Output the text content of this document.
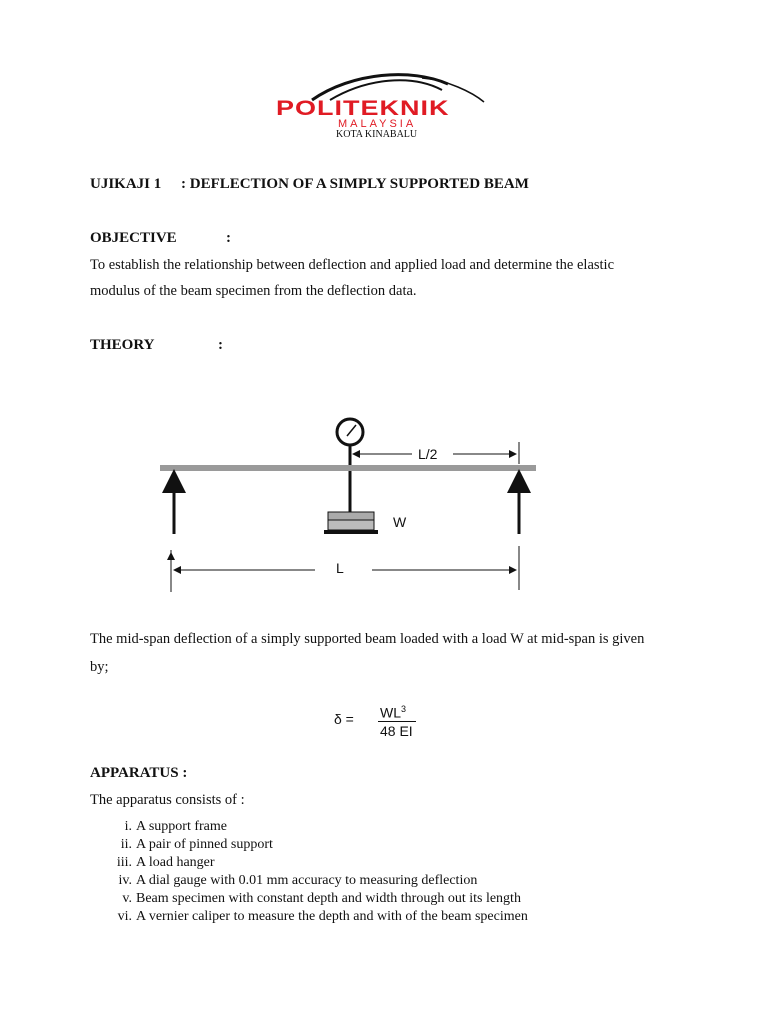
POLITEKNIK
MALAYSIA
KOTA KINABALU
UJIKAJI 1 : DEFLECTION OF A SIMPLY SUPPORTED BEAM
OBJECTIVE	:
To establish the relationship between deflection and applied load and determine the elastic
modulus of the beam specimen from the deflection data.
THEORY	:
L/2
W
L
The mid-span deflection of a simply supported beam loaded with a load W at mid-span is given
by;
$\delta = WL^3$
48 EI
APPARATUS :
The apparatus consists of :
i. A support frame
ii. A pair of pinned support
iii. A load hanger
iv. A dial gauge with 0.01 mm accuracy to measuring deflection
v. Beam specimen with constant depth and width through out its length
vi. A vernier caliper to measure the depth and with of the beam specimen
